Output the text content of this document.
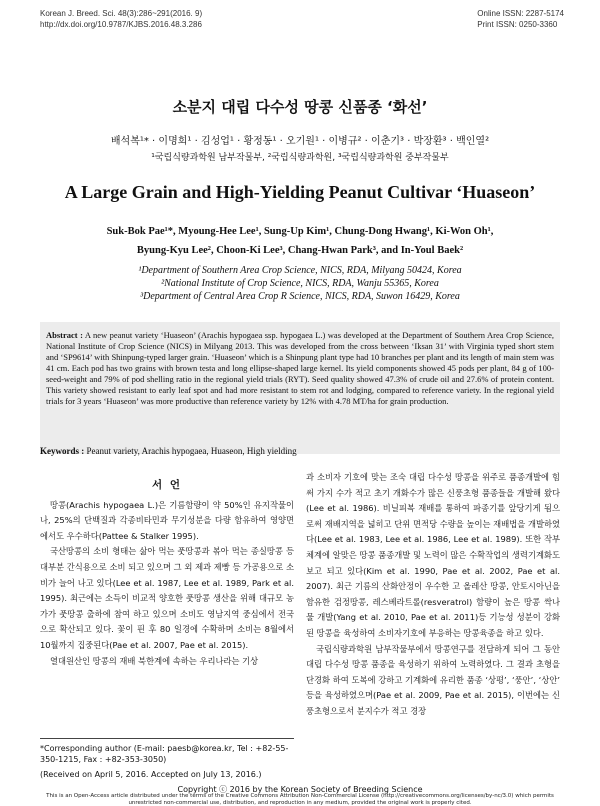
Korean J. Breed. Sci. 48(3):286~291(2016. 9)
http://dx.doi.org/10.9787/KJBS.2016.48.3.286
Online ISSN: 2287-5174
Print ISSN: 0250-3360
소분지 대립 다수성 땅콩 신품종 ‘화선’
배석복¹* · 이명희¹ · 김성업¹ · 황정동¹ · 오기원¹ · 이병규² · 이춘기³ · 박장환³ · 백인열²
¹국립식량과학원 남부작물부, ²국립식량과학원, ³국립식량과학원 중부작물부
A Large Grain and High-Yielding Peanut Cultivar ‘Huaseon’
Suk-Bok Pae¹*, Myoung-Hee Lee¹, Sung-Up Kim¹, Chung-Dong Hwang¹, Ki-Won Oh¹,
Byung-Kyu Lee², Choon-Ki Lee³, Chang-Hwan Park³, and In-Youl Baek²
¹Department of Southern Area Crop Science, NICS, RDA, Milyang 50424, Korea
²National Institute of Crop Science, NICS, RDA, Wanju 55365, Korea
³Department of Central Area Crop R Science, NICS, RDA, Suwon 16429, Korea
Abstract : A new peanut variety ‘Huaseon’ (Arachis hypogaea ssp. hypogaea L.) was developed at the Department of Southern Area Crop Science, National Institute of Crop Science (NICS) in Milyang 2013. This was developed from the cross between ‘Iksan 31’ with Virginia typed short stem and ‘SP9614’ with Shinpung-typed larger grain. ‘Huaseon’ which is a Shinpung plant type had 10 branches per plant and its length of main stem was 41 cm. Each pod has two grains with brown testa and long ellipse-shaped large kernel. Its yield components showed 45 pods per plant, 84 g of 100-seed-weight and 79% of pod shelling ratio in the regional yield trials (RYT). Seed quality showed 47.3% of crude oil and 27.6% of protein content. This variety showed resistant to early leaf spot and had more resistant to stem rot and lodging, compared to reference variety. In the regional yield trials for 3 years ‘Huaseon’ was more productive than reference variety by 12% with 4.78 MT/ha for grain production.
Keywords : Peanut variety, Arachis hypogaea, Huaseon, High yielding
서 언

땅콩(Arachis hypogaea L.)은 기름함량이 약 50%인 유지작물이나, 25%의 단백질과 각종비타민과 무기성분을 다량 함유하여 영양면에서도 우수하다(Pattee & Stalker 1995).

국산땅콩의 소비 형태는 삶아 먹는 풋땅콩과 볶아 먹는 종실땅콩 등 대부분 간식용으로 소비 되고 있으며 그 외 제과 제빵 등 가공용으로 소비가 늘어 나고 있다(Lee et al. 1987, Lee et al. 1989, Park et al. 1995). 최근에는 소득이 비교적 양호한 풋땅콩 생산을 위해 대규모 농가가 풋땅콩 출하에 참여 하고 있으며 소비도 영남지역 중심에서 전국으로 확산되고 있다. 꽃이 핀 후 80 일경에 수확하며 소비는 8월에서 10월까지 집중된다(Pae et al. 2007, Pae et al. 2015).

열대원산인 땅콩의 재배 북한계에 속하는 우리나라는 기상

과 소비자 기호에 맞는 조숙 대립 다수성 땅콩을 위주로 품종개발에 힘써 가지 수가 적고 초기 개화수가 많은 신풍초형 품종들을 개발해 왔다(Lee et al. 1986). 비닐피복 재배를 통하여 파종기를 앞당기게 됨으로써 재배지역을 넓히고 단위 면적당 수량을 높이는 재배법을 개발하였다(Lee et al. 1983, Lee et al. 1986, Lee et al. 1989). 또한 작부체계에 알맞은 땅콩 품종개발 및 노력이 많은 수확작업의 생력기계화도 보고 되고 있다(Kim et al. 1990, Pae et al. 2002, Pae et al. 2007). 최근 기름의 산화안정이 우수한 고 올레산 땅콩, 안토시아닌을 함유한 검정땅콩, 레스베라트롤(resveratrol) 함량이 높은 땅콩 싹나물 개발(Yang et al. 2010, Pae et al. 2011)등 기능성 성분이 강화된 땅콩을 육성하여 소비자기호에 부응하는 땅콩육종을 하고 있다.

국립식량과학원 남부작물부에서 땅콩연구를 전담하게 되어 그 동안 대립 다수성 땅콩 품종을 육성하기 위하여 노력하였다. 그 결과 초형을 단경화 하여 도복에 강하고 기계화에 유리한 품종 ‘상평’, ‘풍안’, ‘상안’ 등을 육성하였으며(Pae et al. 2009, Pae et al. 2015), 이번에는 신풍초형으로서 분지수가 적고 경장

*Corresponding author (E-mail: paesb@korea.kr, Tel : +82-55-350-1215, Fax : +82-353-3050)
(Received on April 5, 2016. Accepted on July 13, 2016.)
Copyright ⓒ 2016 by the Korean Society of Breeding Science
This is an Open-Access article distributed under the terms of the Creative Commons Attribution Non-Commercial License (http://creativecommons.org/licenses/by-nc/3.0) which permits unrestricted non-commercial use, distribution, and reproduction in any medium, provided the original work is properly cited.
